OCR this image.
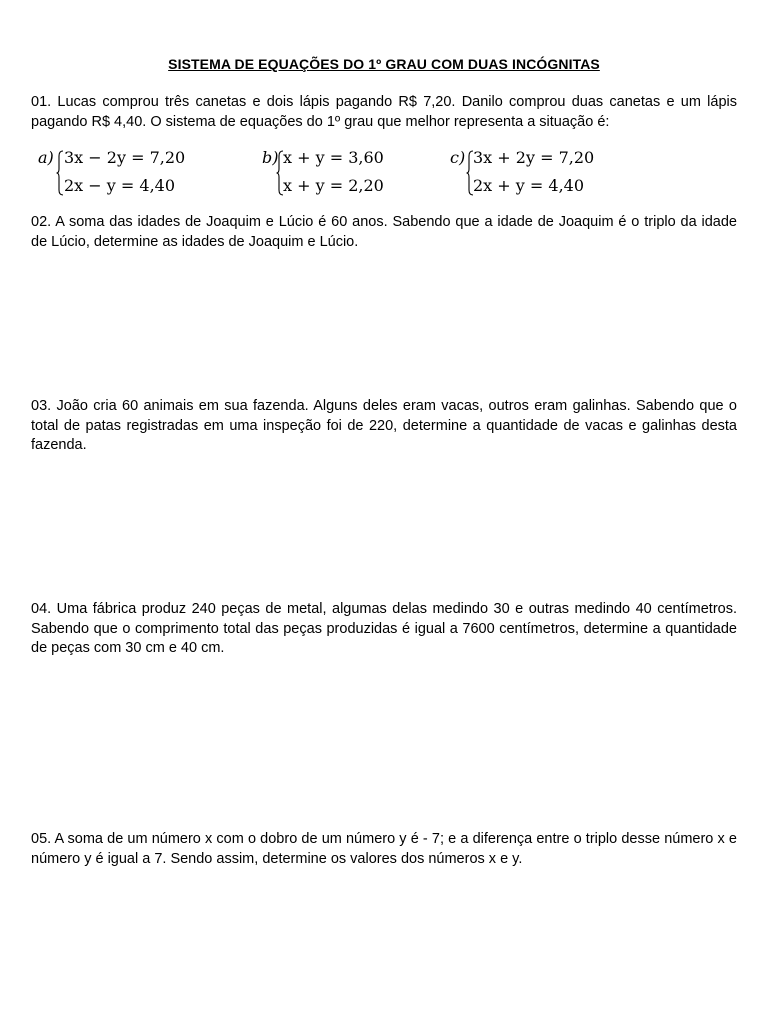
SISTEMA DE EQUAÇÕES DO 1º GRAU COM DUAS INCÓGNITAS
01. Lucas comprou três canetas e dois lápis pagando R$ 7,20. Danilo comprou duas canetas e um lápis pagando R$ 4,40. O sistema de equações do 1º grau que melhor representa a situação é:
a) 3x − 2y = 7,20
2x − y = 4,40
b) x + y = 3,60
x + y = 2,20
c) 3x + 2y = 7,20
2x + y = 4,40
02. A soma das idades de Joaquim e Lúcio é 60 anos. Sabendo que a idade de Joaquim é o triplo da idade de Lúcio, determine as idades de Joaquim e Lúcio.
03. João cria 60 animais em sua fazenda. Alguns deles eram vacas, outros eram galinhas. Sabendo que o total de patas registradas em uma inspeção foi de 220, determine a quantidade de vacas e galinhas desta fazenda.
04. Uma fábrica produz 240 peças de metal, algumas delas medindo 30 e outras medindo 40 centímetros. Sabendo que o comprimento total das peças produzidas é igual a 7600 centímetros, determine a quantidade de peças com 30 cm e 40 cm.
05. A soma de um número x com o dobro de um número y é - 7; e a diferença entre o triplo desse número x e número y é igual a 7. Sendo assim, determine os valores dos números x e y.
